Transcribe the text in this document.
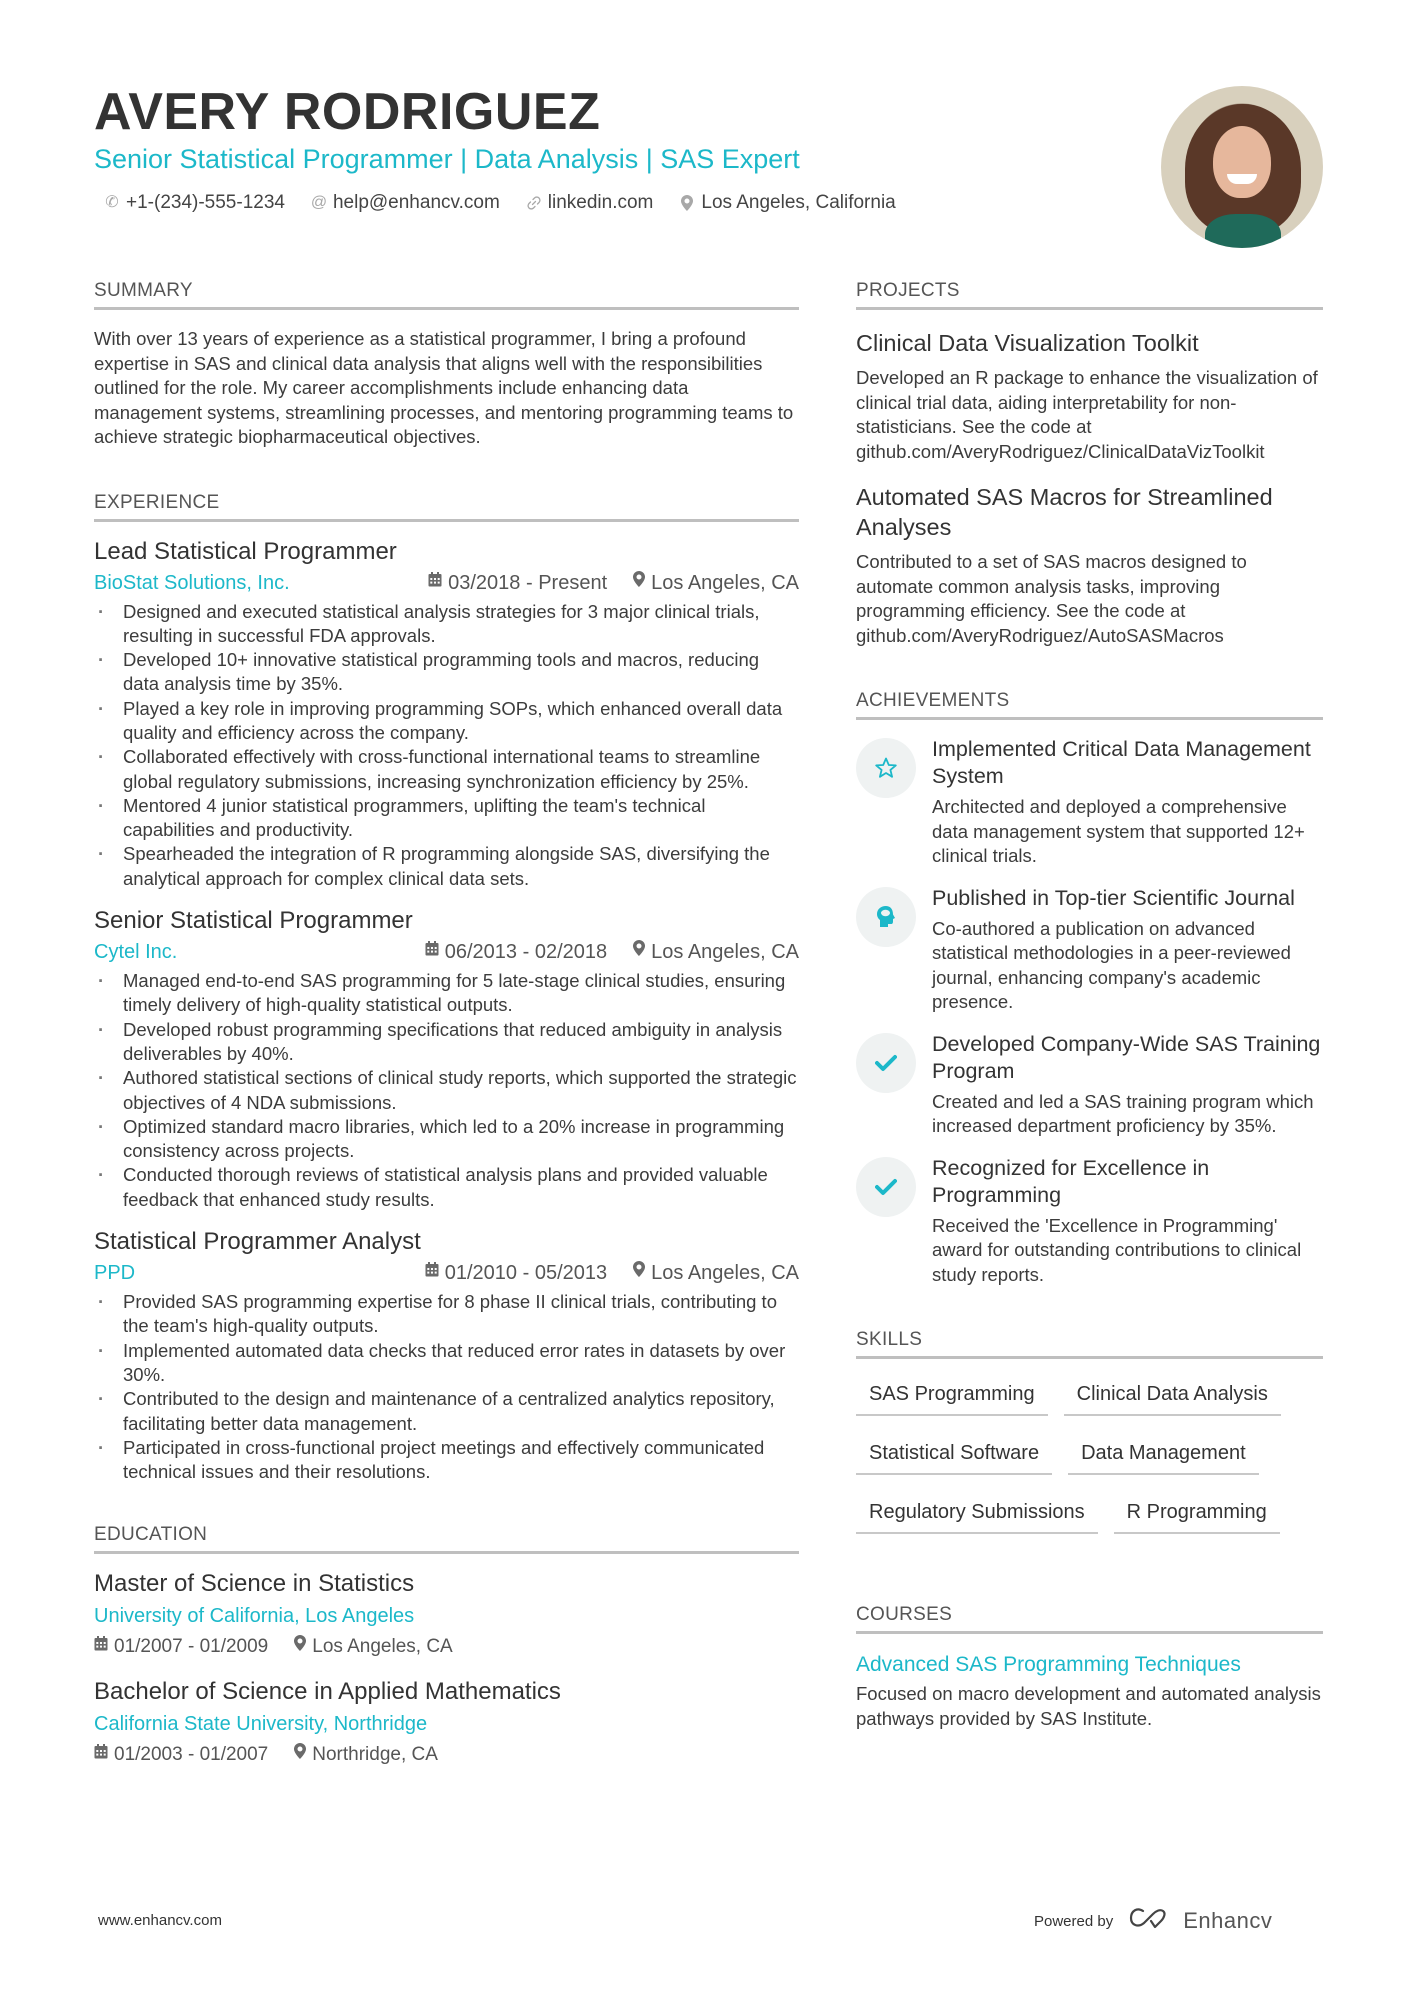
AVERY RODRIGUEZ
Senior Statistical Programmer | Data Analysis | SAS Expert
✆ +1-(234)-555-1234 @ help@enhancv.com	linkedin.com	Los Angeles, California
SUMMARY
With over 13 years of experience as a statistical programmer, I bring a profound expertise in SAS and clinical data analysis that aligns well with the responsibilities outlined for the role. My career accomplishments include enhancing data management systems, streamlining processes, and mentoring programming teams to achieve strategic biopharmaceutical objectives.
EXPERIENCE
Lead Statistical Programmer
BioStat Solutions, Inc.	03/2018 - Present Los Angeles, CA
· Designed and executed statistical analysis strategies for 3 major clinical trials, resulting in successful FDA approvals.
· Developed 10+ innovative statistical programming tools and macros, reducing data analysis time by 35%.
· Played a key role in improving programming SOPs, which enhanced overall data quality and efficiency across the company.
· Collaborated effectively with cross-functional international teams to streamline global regulatory submissions, increasing synchronization efficiency by 25%.
· Mentored 4 junior statistical programmers, uplifting the team's technical capabilities and productivity.
· Spearheaded the integration of R programming alongside SAS, diversifying the analytical approach for complex clinical data sets.
Senior Statistical Programmer
Cytel Inc.	06/2013 - 02/2018 Los Angeles, CA
· Managed end-to-end SAS programming for 5 late-stage clinical studies, ensuring timely delivery of high-quality statistical outputs.
· Developed robust programming specifications that reduced ambiguity in analysis deliverables by 40%.
· Authored statistical sections of clinical study reports, which supported the strategic objectives of 4 NDA submissions.
· Optimized standard macro libraries, which led to a 20% increase in programming consistency across projects.
· Conducted thorough reviews of statistical analysis plans and provided valuable feedback that enhanced study results.
Statistical Programmer Analyst
PPD	01/2010 - 05/2013 Los Angeles, CA
· Provided SAS programming expertise for 8 phase II clinical trials, contributing to the team's high-quality outputs.
· Implemented automated data checks that reduced error rates in datasets by over 30%.
· Contributed to the design and maintenance of a centralized analytics repository, facilitating better data management.
· Participated in cross-functional project meetings and effectively communicated technical issues and their resolutions.
EDUCATION
Master of Science in Statistics
University of California, Los Angeles
01/2007 - 01/2009 Los Angeles, CA
Bachelor of Science in Applied Mathematics
California State University, Northridge
01/2003 - 01/2007 Northridge, CA
PROJECTS
Clinical Data Visualization Toolkit
Developed an R package to enhance the visualization of clinical trial data, aiding interpretability for non-statisticians. See the code at github.com/AveryRodriguez/ClinicalDataVizToolkit
Automated SAS Macros for Streamlined Analyses
Contributed to a set of SAS macros designed to automate common analysis tasks, improving programming efficiency. See the code at github.com/AveryRodriguez/AutoSASMacros
ACHIEVEMENTS
Implemented Critical Data Management System
Architected and deployed a comprehensive data management system that supported 12+ clinical trials.
Published in Top-tier Scientific Journal
Co-authored a publication on advanced statistical methodologies in a peer-reviewed journal, enhancing company's academic presence.
Developed Company-Wide SAS Training Program
Created and led a SAS training program which increased department proficiency by 35%.
Recognized for Excellence in Programming
Received the 'Excellence in Programming' award for outstanding contributions to clinical study reports.
SKILLS
SAS Programming	Clinical Data Analysis
Statistical Software	Data Management
Regulatory Submissions	R Programming
COURSES
Advanced SAS Programming Techniques
Focused on macro development and automated analysis pathways provided by SAS Institute.
www.enhancv.com	Powered by	Enhancv
